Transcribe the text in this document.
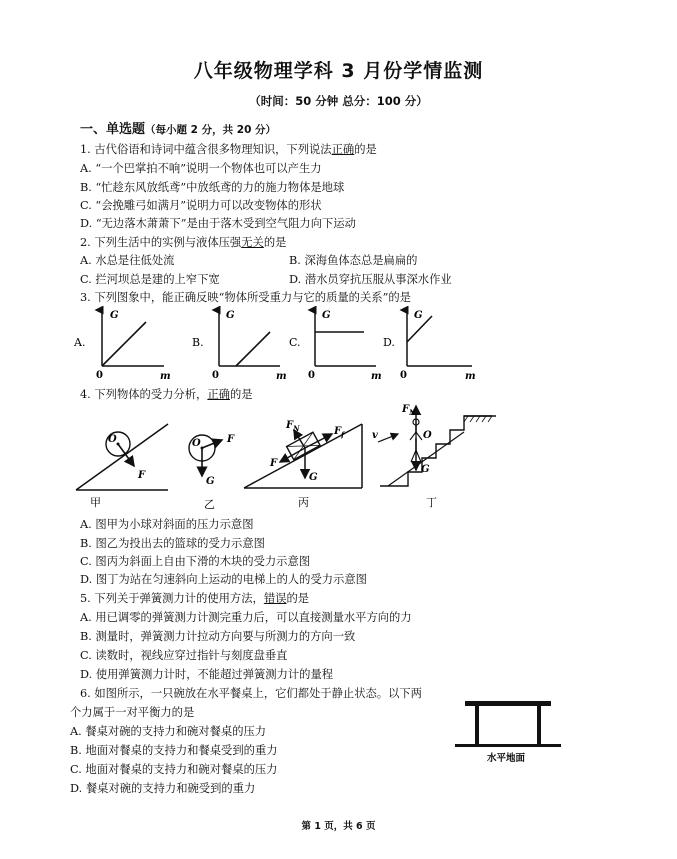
八年级物理学科 3 月份学情监测
（时间：50 分钟 总分：100 分）
一、单选题（每小题 2 分，共 20 分）
1. 古代俗语和诗词中蕴含很多物理知识，下列说法正确的是
A. “一个巴掌拍不响”说明一个物体也可以产生力
B. “忙趁东风放纸鸢”中放纸鸢的力的施力物体是地球
C. “会挽雕弓如满月”说明力可以改变物体的形状
D. “无边落木萧萧下”是由于落木受到空气阻力向下运动
2. 下列生活中的实例与液体压强无关的是
A. 水总是往低处流	B. 深海鱼体态总是扁扁的
C. 拦河坝总是建的上窄下宽	D. 潜水员穿抗压服从事深水作业
3. 下列图象中，能正确反映“物体所受重力与它的质量的关系”的是
A.
G
0	m
B.
G
0	m
C.
G
0	m
D.
G
0	m
4. 下列物体的受力分析，正确的是
O
F
甲
O	F
G
乙
$F_N$	$F_f$
F
G
丙
$F_N$
O
v
G
丁
A. 图甲为小球对斜面的压力示意图
B. 图乙为投出去的篮球的受力示意图
C. 图丙为斜面上自由下滑的木块的受力示意图
D. 图丁为站在匀速斜向上运动的电梯上的人的受力示意图
5. 下列关于弹簧测力计的使用方法，错误的是
A. 用已调零的弹簧测力计测完重力后，可以直接测量水平方向的力
B. 测量时，弹簧测力计拉动方向要与所测力的方向一致
C. 读数时，视线应穿过指针与刻度盘垂直
D. 使用弹簧测力计时，不能超过弹簧测力计的量程
6. 如图所示，一只碗放在水平餐桌上，它们都处于静止状态。以下两
个力属于一对平衡力的是
A. 餐桌对碗的支持力和碗对餐桌的压力
B. 地面对餐桌的支持力和餐桌受到的重力
C. 地面对餐桌的支持力和碗对餐桌的压力
D. 餐桌对碗的支持力和碗受到的重力
水平地面
第 1 页，共 6 页
